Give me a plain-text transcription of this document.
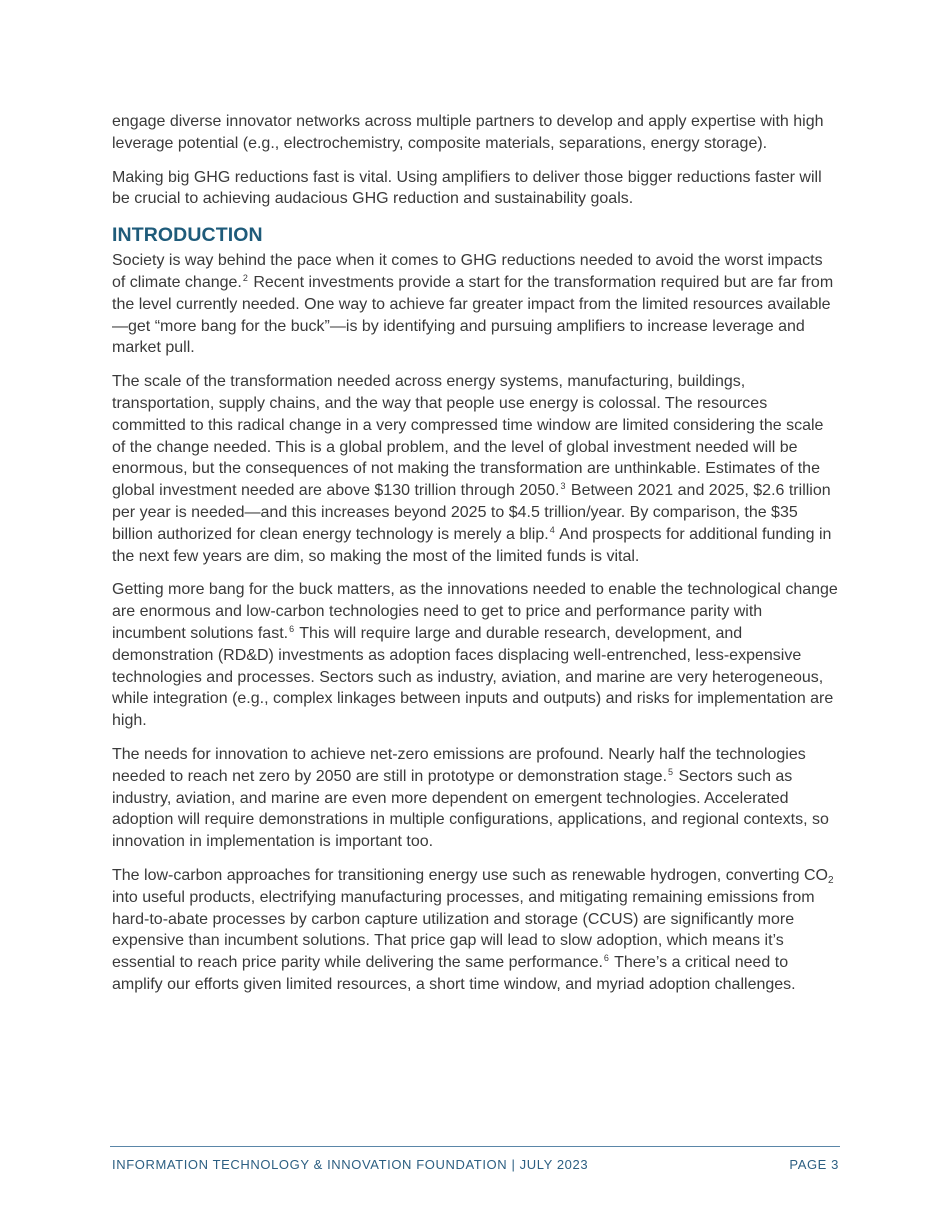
engage diverse innovator networks across multiple partners to develop and apply expertise with high leverage potential (e.g., electrochemistry, composite materials, separations, energy storage).

Making big GHG reductions fast is vital. Using amplifiers to deliver those bigger reductions faster will be crucial to achieving audacious GHG reduction and sustainability goals.

INTRODUCTION

Society is way behind the pace when it comes to GHG reductions needed to avoid the worst impacts of climate change.$^2$ Recent investments provide a start for the transformation required but are far from the level currently needed. One way to achieve far greater impact from the limited resources available—get “more bang for the buck”—is by identifying and pursuing amplifiers to increase leverage and market pull.

The scale of the transformation needed across energy systems, manufacturing, buildings, transportation, supply chains, and the way that people use energy is colossal. The resources committed to this radical change in a very compressed time window are limited considering the scale of the change needed. This is a global problem, and the level of global investment needed will be enormous, but the consequences of not making the transformation are unthinkable. Estimates of the global investment needed are above $130 trillion through 2050.$^3$ Between 2021 and 2025, $2.6 trillion per year is needed—and this increases beyond 2025 to $4.5 trillion/year. By comparison, the $35 billion authorized for clean energy technology is merely a blip.$^4$ And prospects for additional funding in the next few years are dim, so making the most of the limited funds is vital.

Getting more bang for the buck matters, as the innovations needed to enable the technological change are enormous and low-carbon technologies need to get to price and performance parity with incumbent solutions fast.$^6$ This will require large and durable research, development, and demonstration (RD&D) investments as adoption faces displacing well-entrenched, less-expensive technologies and processes. Sectors such as industry, aviation, and marine are very heterogeneous, while integration (e.g., complex linkages between inputs and outputs) and risks for implementation are high.

The needs for innovation to achieve net-zero emissions are profound. Nearly half the technologies needed to reach net zero by 2050 are still in prototype or demonstration stage.$^5$ Sectors such as industry, aviation, and marine are even more dependent on emergent technologies. Accelerated adoption will require demonstrations in multiple configurations, applications, and regional contexts, so innovation in implementation is important too.

The low-carbon approaches for transitioning energy use such as renewable hydrogen, converting $CO_2$ into useful products, electrifying manufacturing processes, and mitigating remaining emissions from hard-to-abate processes by carbon capture utilization and storage (CCUS) are significantly more expensive than incumbent solutions. That price gap will lead to slow adoption, which means it’s essential to reach price parity while delivering the same performance.$^6$ There’s a critical need to amplify our efforts given limited resources, a short time window, and myriad adoption challenges.

INFORMATION TECHNOLOGY & INNOVATION FOUNDATION | JULY 2023	PAGE 3
